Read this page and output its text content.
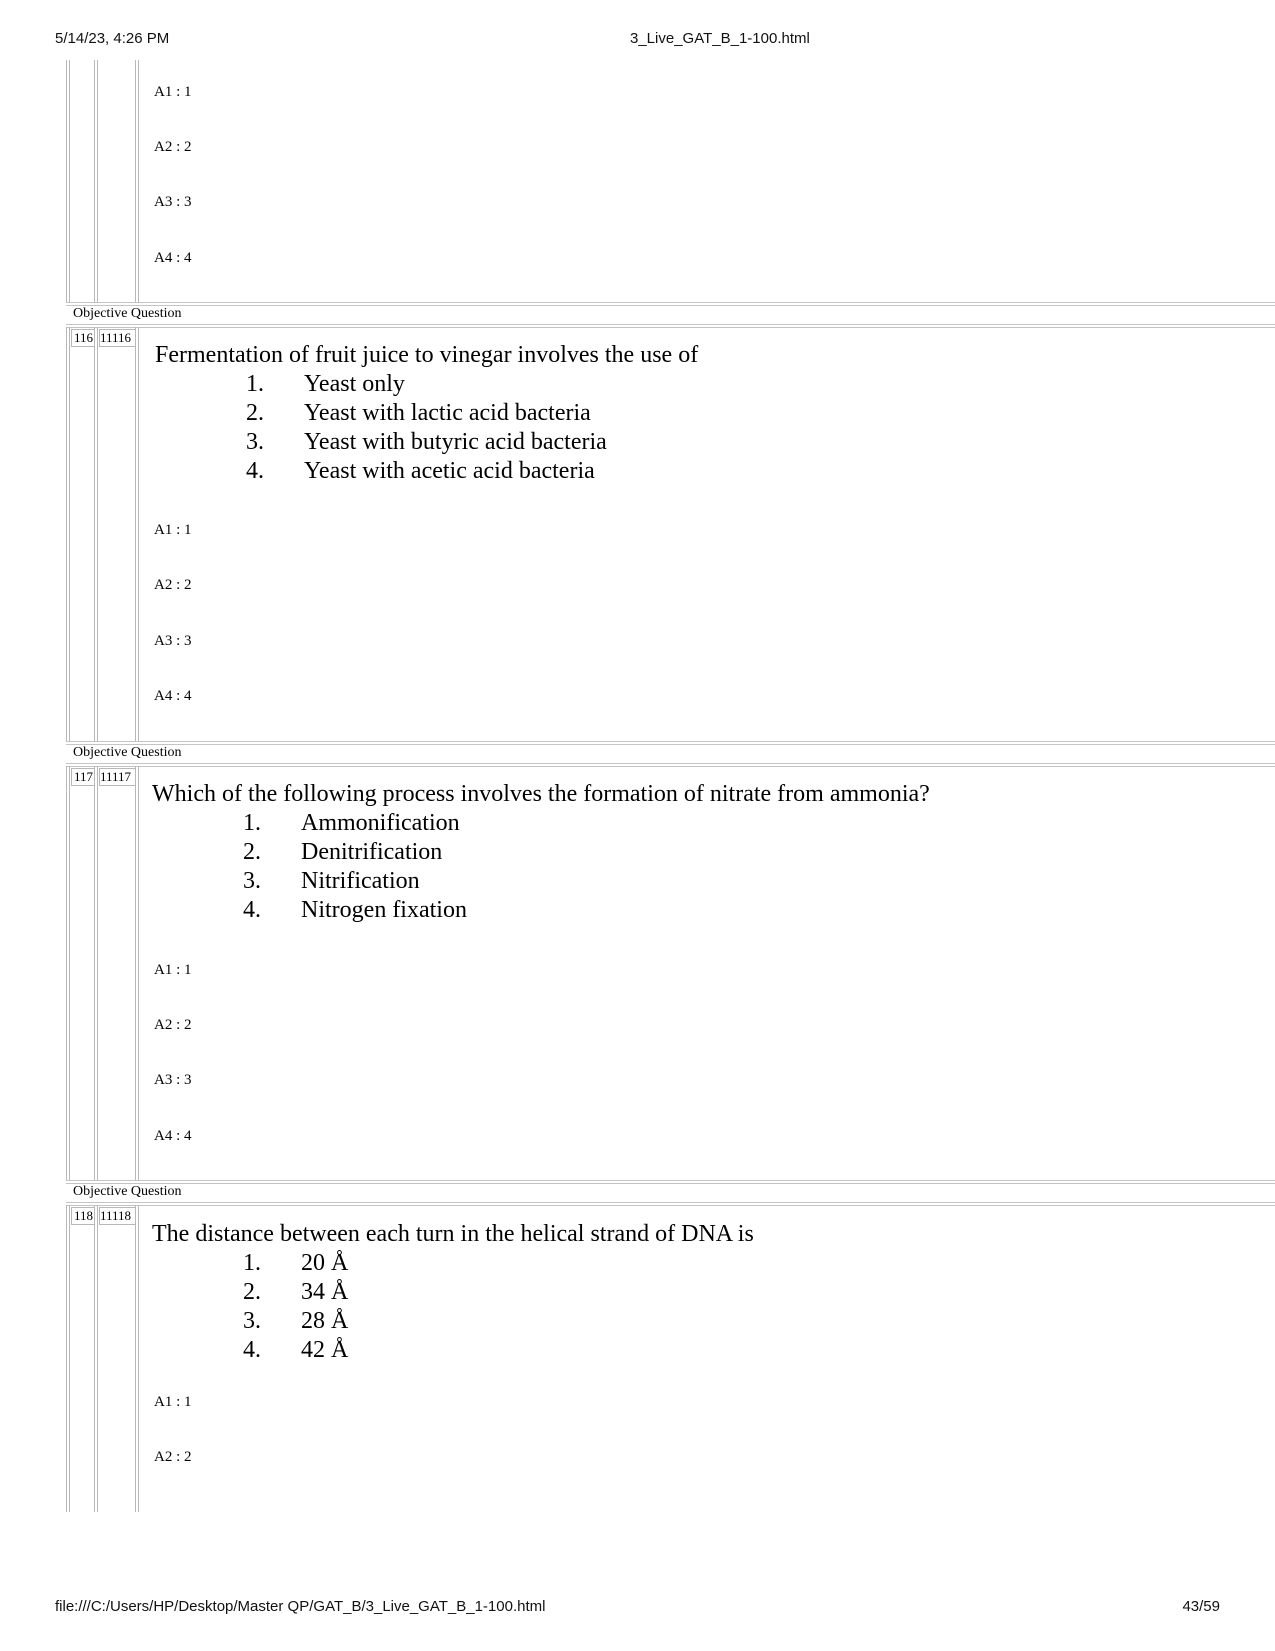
5/14/23, 4:26 PM	3_Live_GAT_B_1-100.html
A1 : 1
A2 : 2
A3 : 3
A4 : 4
Objective Question
116 11116
Fermentation of fruit juice to vinegar involves the use of
1. Yeast only
2. Yeast with lactic acid bacteria
3. Yeast with butyric acid bacteria
4. Yeast with acetic acid bacteria
A1 : 1
A2 : 2
A3 : 3
A4 : 4
Objective Question
117 11117
Which of the following process involves the formation of nitrate from ammonia?
1. Ammonification
2. Denitrification
3. Nitrification
4. Nitrogen fixation
A1 : 1
A2 : 2
A3 : 3
A4 : 4
Objective Question
118 11118
The distance between each turn in the helical strand of DNA is
1. 20 Å
2. 34 Å
3. 28 Å
4. 42 Å
A1 : 1
A2 : 2
file:///C:/Users/HP/Desktop/Master QP/GAT_B/3_Live_GAT_B_1-100.html	43/59
